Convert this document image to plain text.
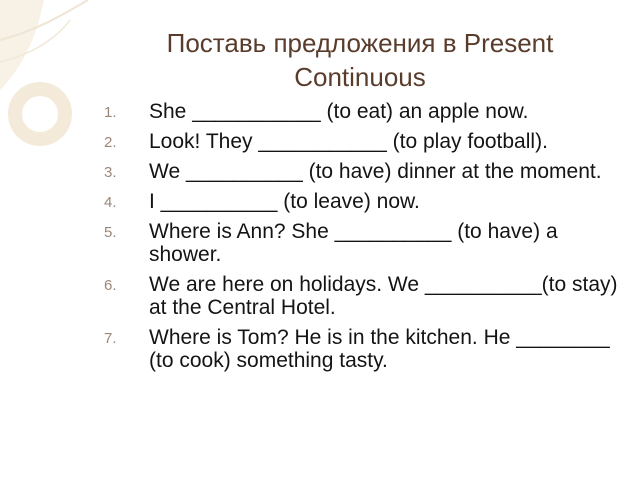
Поставь предложения в Present Continuous
1. She ___________ (to eat) an apple now.
2. Look! They ___________ (to play football).
3. We __________ (to have) dinner at the moment.
4. I __________ (to leave) now.
5. Where is Ann? She __________ (to have) a shower.
6. We are here on holidays. We __________(to stay) at the Central Hotel.
7. Where is Tom? He is in the kitchen. He ________ (to cook) something tasty.
